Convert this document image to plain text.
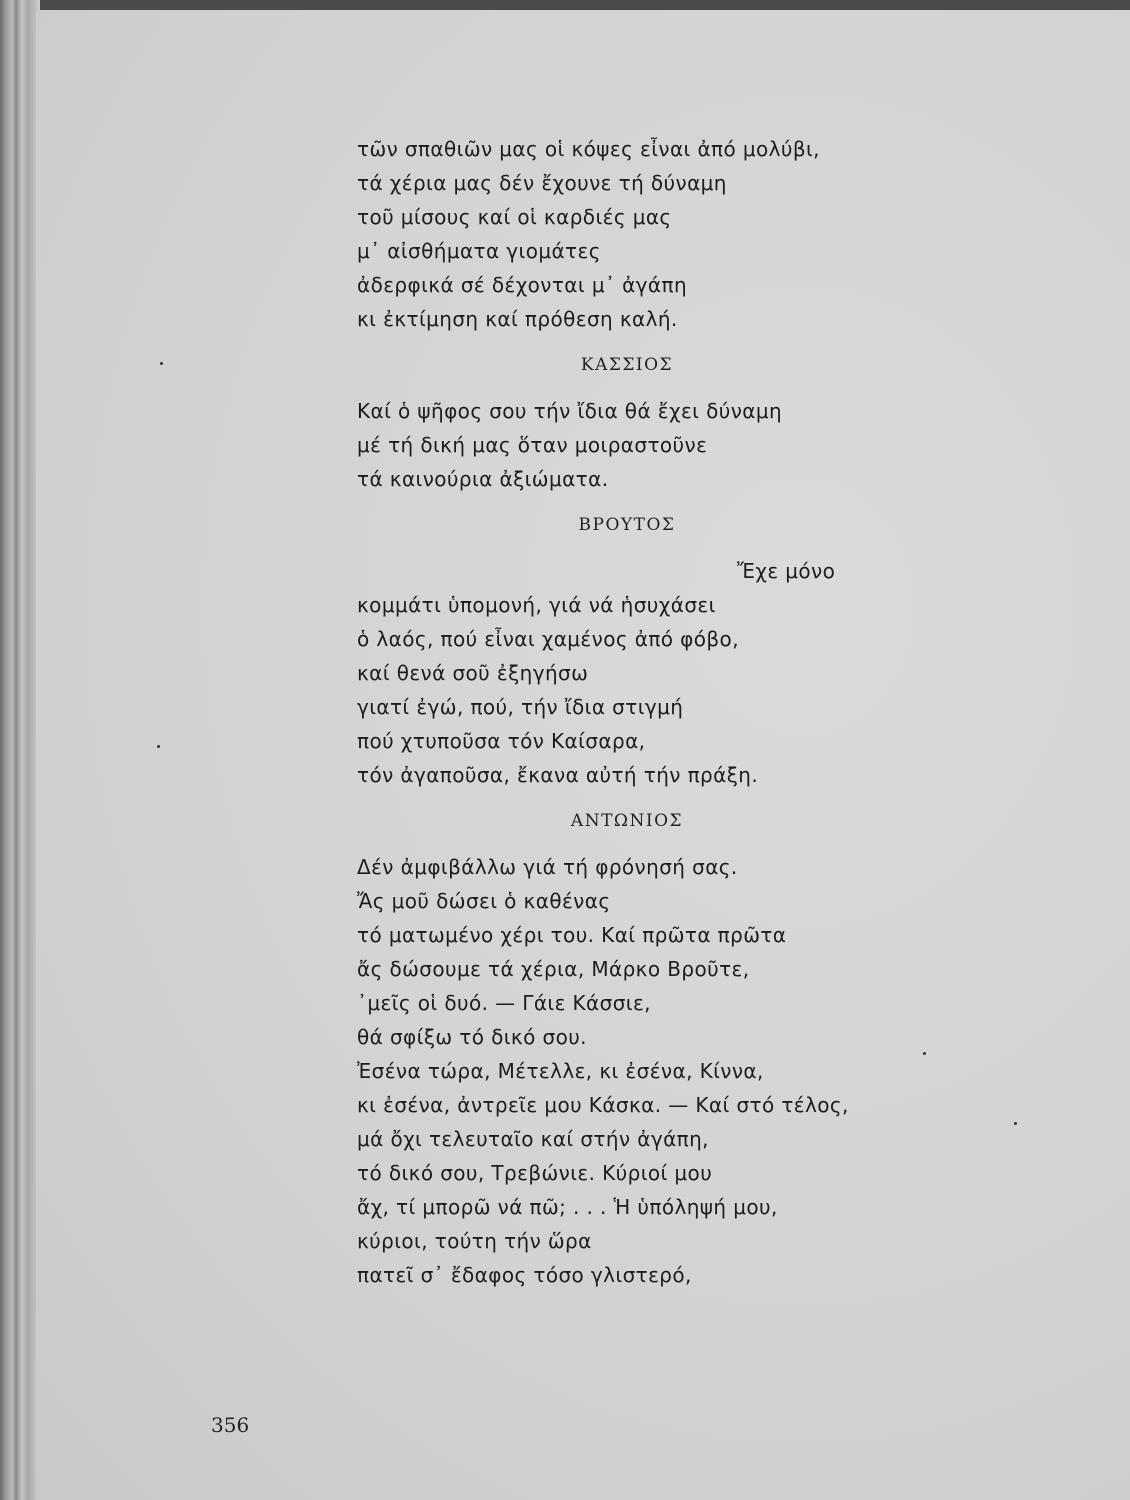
τῶν σπαθιῶν μας οἱ κόψες εἶναι ἀπό μολύβι,
τά χέρια μας δέν ἔχουνε τή δύναμη
τοῦ μίσους καί οἱ καρδιές μας
μ᾿ αἰσθήματα γιομάτες
ἀδερφικά σέ δέχονται μ᾿ ἀγάπη
κι ἐκτίμηση καί πρόθεση καλή.
ΚΑΣΣΙΟΣ
Καί ὁ ψῆφος σου τήν ἴδια θά ἔχει δύναμη
μέ τή δική μας ὅταν μοιραστοῦνε
τά καινούρια ἀξιώματα.
ΒΡΟΥΤΟΣ
Ἔχε μόνο
κομμάτι ὑπομονή, γιά νά ἡσυχάσει
ὁ λαός, πού εἶναι χαμένος ἀπό φόβο,
καί θενά σοῦ ἐξηγήσω
γιατί ἐγώ, πού, τήν ἴδια στιγμή
πού χτυποῦσα τόν Καίσαρα,
τόν ἀγαποῦσα, ἔκανα αὐτή τήν πράξη.
ΑΝΤΩΝΙΟΣ
Δέν ἀμφιβάλλω γιά τή φρόνησή σας.
Ἄς μοῦ δώσει ὁ καθένας
τό ματωμένο χέρι του. Καί πρῶτα πρῶτα
ἄς δώσουμε τά χέρια, Μάρκο Βροῦτε,
᾿μεῖς οἱ δυό. — Γάιε Κάσσιε,
θά σφίξω τό δικό σου.
Ἐσένα τώρα, Μέτελλε, κι ἐσένα, Κίννα,
κι ἐσένα, ἀντρεῖε μου Κάσκα. — Καί στό τέλος,
μά ὄχι τελευταῖο καί στήν ἀγάπη,
τό δικό σου, Τρεβώνιε. Κύριοί μου
ἄχ, τί μπορῶ νά πῶ; . . . Ἡ ὑπόληψή μου,
κύριοι, τούτη τήν ὥρα
πατεῖ σ᾿ ἔδαφος τόσο γλιστερό,
356
